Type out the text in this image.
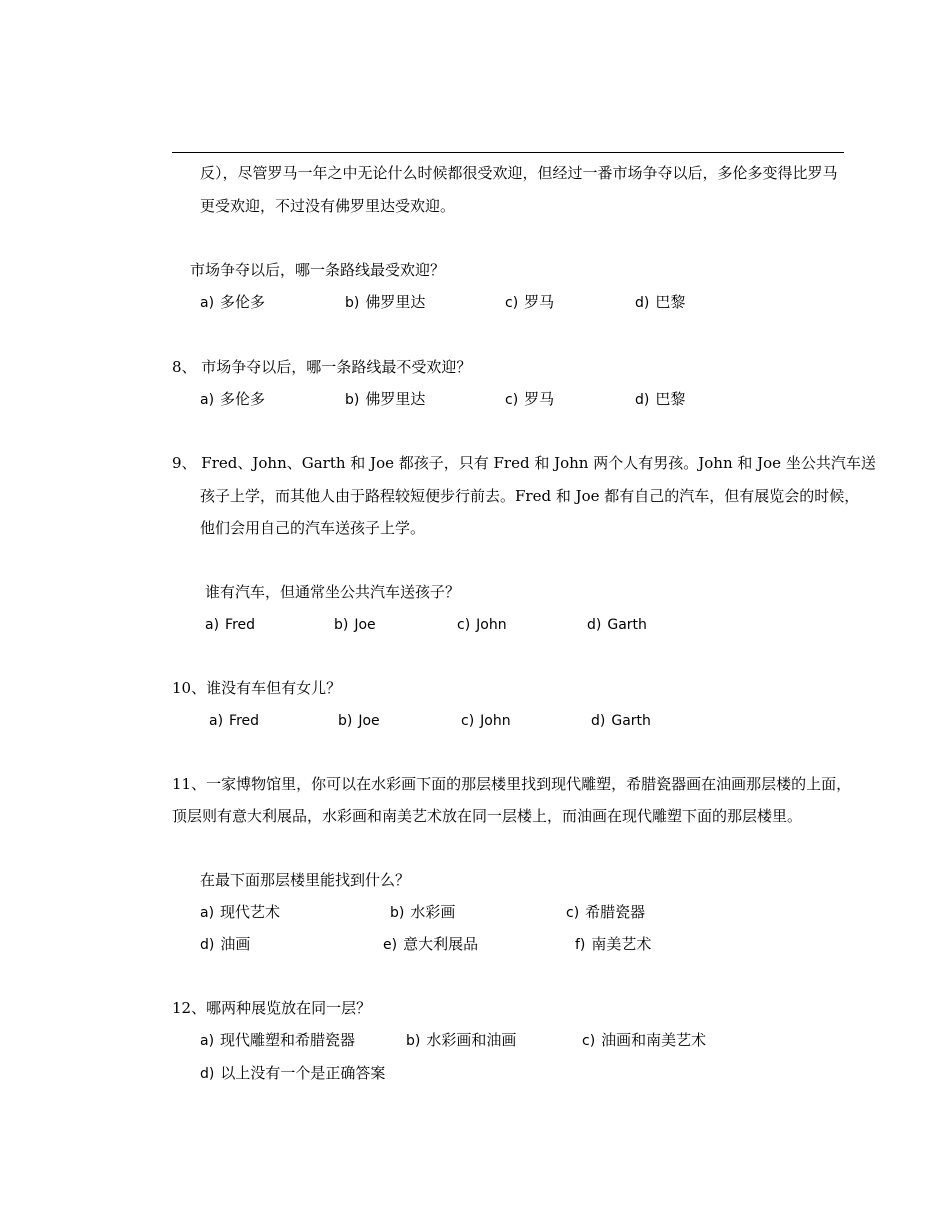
反），尽管罗马一年之中无论什么时候都很受欢迎，但经过一番市场争夺以后，多伦多变得比罗马
更受欢迎，不过没有佛罗里达受欢迎。
市场争夺以后，哪一条路线最受欢迎？
a) 多伦多	b) 佛罗里达	c) 罗马	d) 巴黎
8、 市场争夺以后，哪一条路线最不受欢迎？
a) 多伦多	b) 佛罗里达	c) 罗马	d) 巴黎
9、 Fred、John、Garth 和 Joe 都孩子，只有 Fred 和 John 两个人有男孩。John 和 Joe 坐公共汽车送
孩子上学，而其他人由于路程较短便步行前去。Fred 和 Joe 都有自己的汽车，但有展览会的时候，
他们会用自己的汽车送孩子上学。
谁有汽车，但通常坐公共汽车送孩子？
a) Fred	b) Joe	c) John	d) Garth
10、谁没有车但有女儿？
a) Fred	b) Joe	c) John	d) Garth
11、一家博物馆里，你可以在水彩画下面的那层楼里找到现代雕塑，希腊瓷器画在油画那层楼的上面，
顶层则有意大利展品，水彩画和南美艺术放在同一层楼上，而油画在现代雕塑下面的那层楼里。
在最下面那层楼里能找到什么？
a) 现代艺术	b) 水彩画	c) 希腊瓷器
d) 油画	e) 意大利展品	f) 南美艺术
12、哪两种展览放在同一层？
a) 现代雕塑和希腊瓷器	b) 水彩画和油画	c) 油画和南美艺术
d) 以上没有一个是正确答案
